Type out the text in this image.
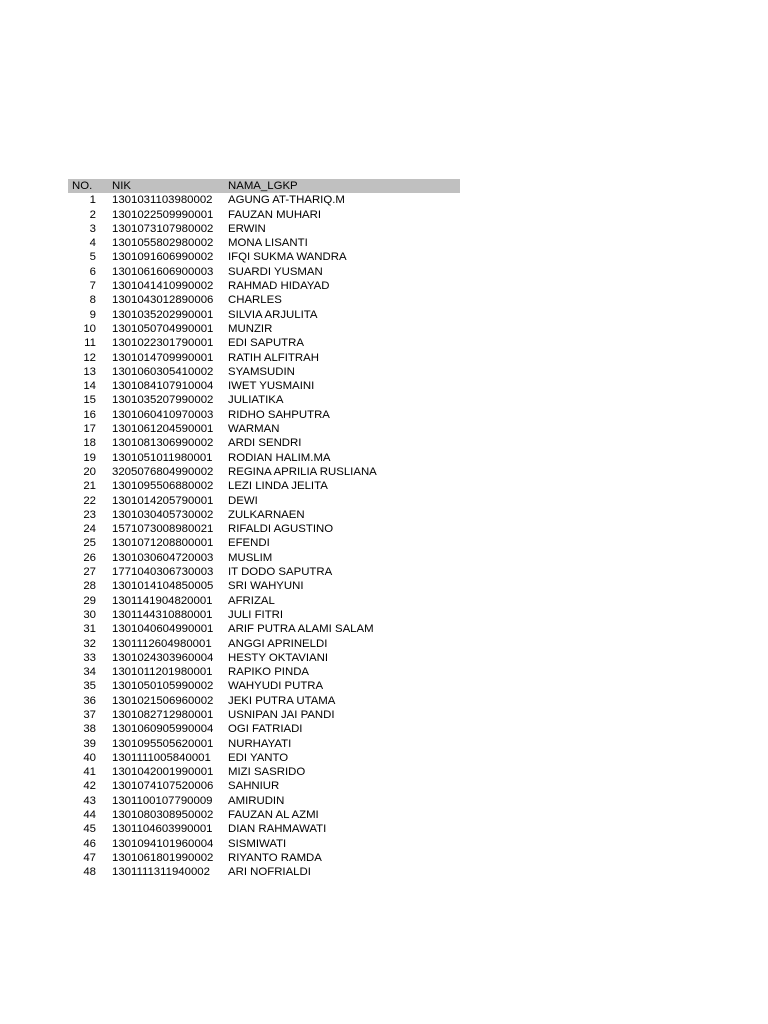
NO.	NIK	NAMA_LGKP
1	1301031103980002	AGUNG AT-THARIQ.M
2	1301022509990001	FAUZAN MUHARI
3	1301073107980002	ERWIN
4	1301055802980002	MONA LISANTI
5	1301091606990002	IFQI SUKMA WANDRA
6	1301061606900003	SUARDI YUSMAN
7	1301041410990002	RAHMAD HIDAYAD
8	1301043012890006	CHARLES
9	1301035202990001	SILVIA ARJULITA
10	1301050704990001	MUNZIR
11	1301022301790001	EDI SAPUTRA
12	1301014709990001	RATIH ALFITRAH
13	1301060305410002	SYAMSUDIN
14	1301084107910004	IWET YUSMAINI
15	1301035207990002	JULIATIKA
16	1301060410970003	RIDHO SAHPUTRA
17	1301061204590001	WARMAN
18	1301081306990002	ARDI SENDRI
19	1301051011980001	RODIAN HALIM.MA
20	3205076804990002	REGINA APRILIA RUSLIANA
21	1301095506880002	LEZI LINDA JELITA
22	1301014205790001	DEWI
23	1301030405730002	ZULKARNAEN
24	1571073008980021	RIFALDI AGUSTINO
25	1301071208800001	EFENDI
26	1301030604720003	MUSLIM
27	1771040306730003	IT DODO SAPUTRA
28	1301014104850005	SRI WAHYUNI
29	1301141904820001	AFRIZAL
30	1301144310880001	JULI FITRI
31	1301040604990001	ARIF PUTRA ALAMI SALAM
32	1301112604980001	ANGGI APRINELDI
33	1301024303960004	HESTY OKTAVIANI
34	1301011201980001	RAPIKO PINDA
35	1301050105990002	WAHYUDI PUTRA
36	1301021506960002	JEKI PUTRA UTAMA
37	1301082712980001	USNIPAN JAI PANDI
38	1301060905990004	OGI FATRIADI
39	1301095505620001	NURHAYATI
40	1301111005840001	EDI YANTO
41	1301042001990001	MIZI SASRIDO
42	1301074107520006	SAHNIUR
43	1301100107790009	AMIRUDIN
44	1301080308950002	FAUZAN AL AZMI
45	1301104603990001	DIAN RAHMAWATI
46	1301094101960004	SISMIWATI
47	1301061801990002	RIYANTO RAMDA
48	1301111311940002	ARI NOFRIALDI
